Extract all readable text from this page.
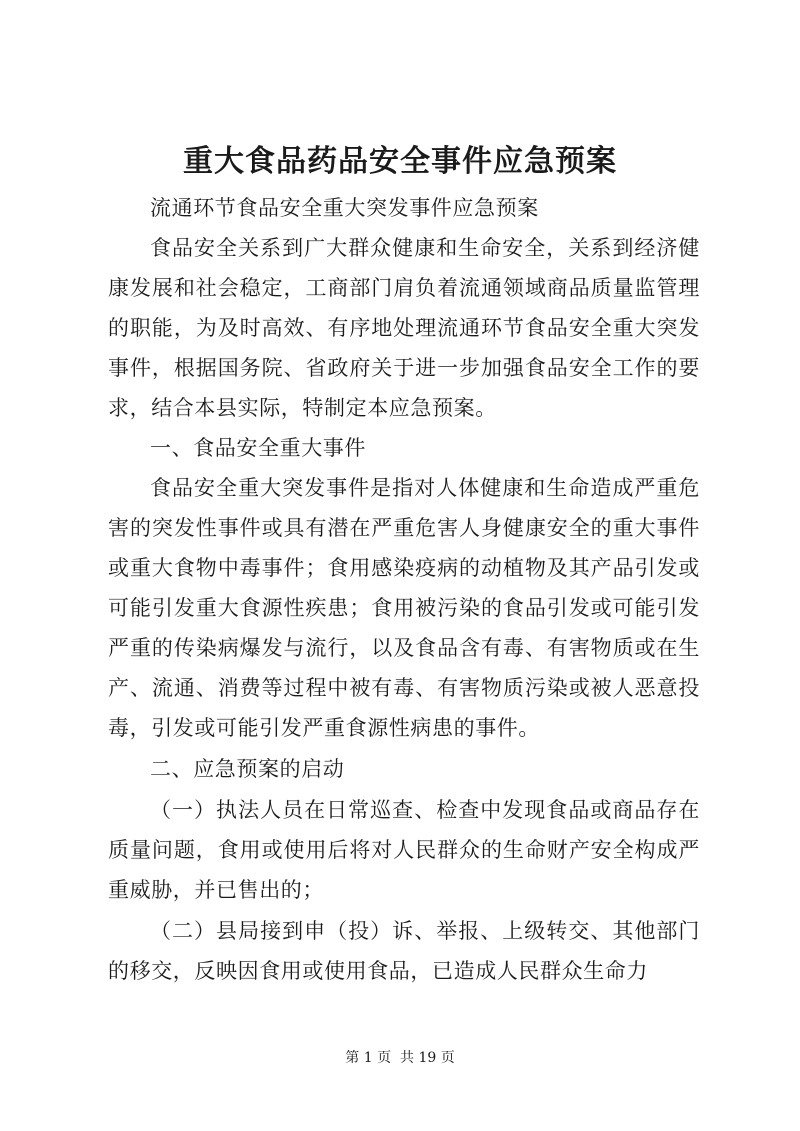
重大食品药品安全事件应急预案

流通环节食品安全重大突发事件应急预案

食品安全关系到广大群众健康和生命安全，关系到经济健康发展和社会稳定，工商部门肩负着流通领域商品质量监管理的职能，为及时高效、有序地处理流通环节食品安全重大突发事件，根据国务院、省政府关于进一步加强食品安全工作的要求，结合本县实际，特制定本应急预案。

一、食品安全重大事件

食品安全重大突发事件是指对人体健康和生命造成严重危害的突发性事件或具有潜在严重危害人身健康安全的重大事件或重大食物中毒事件；食用感染疫病的动植物及其产品引发或可能引发重大食源性疾患；食用被污染的食品引发或可能引发严重的传染病爆发与流行，以及食品含有毒、有害物质或在生产、流通、消费等过程中被有毒、有害物质污染或被人恶意投毒，引发或可能引发严重食源性病患的事件。

二、应急预案的启动

（一）执法人员在日常巡查、检查中发现食品或商品存在质量问题，食用或使用后将对人民群众的生命财产安全构成严重威胁，并已售出的；

（二）县局接到申（投）诉、举报、上级转交、其他部门的移交，反映因食用或使用食品，已造成人民群众生命力

第 1 页  共 19 页
